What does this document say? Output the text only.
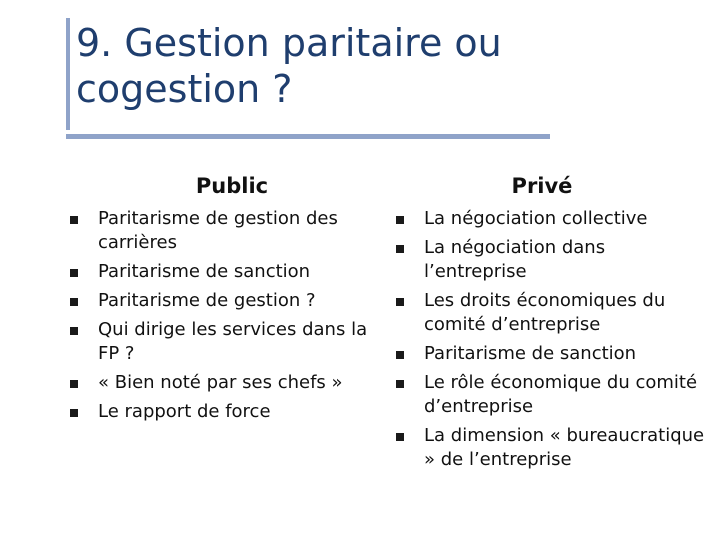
9. Gestion paritaire ou cogestion ?
Public	Privé
Paritarisme de gestion des carrières
Paritarisme de sanction
Paritarisme de gestion ?
Qui dirige les services dans la FP ?
« Bien noté par ses chefs »
Le rapport de force
La négociation collective
La négociation dans l’entreprise
Les droits économiques du comité d’entreprise
Paritarisme de sanction
Le rôle économique du comité d’entreprise
La dimension « bureaucratique » de l’entreprise
